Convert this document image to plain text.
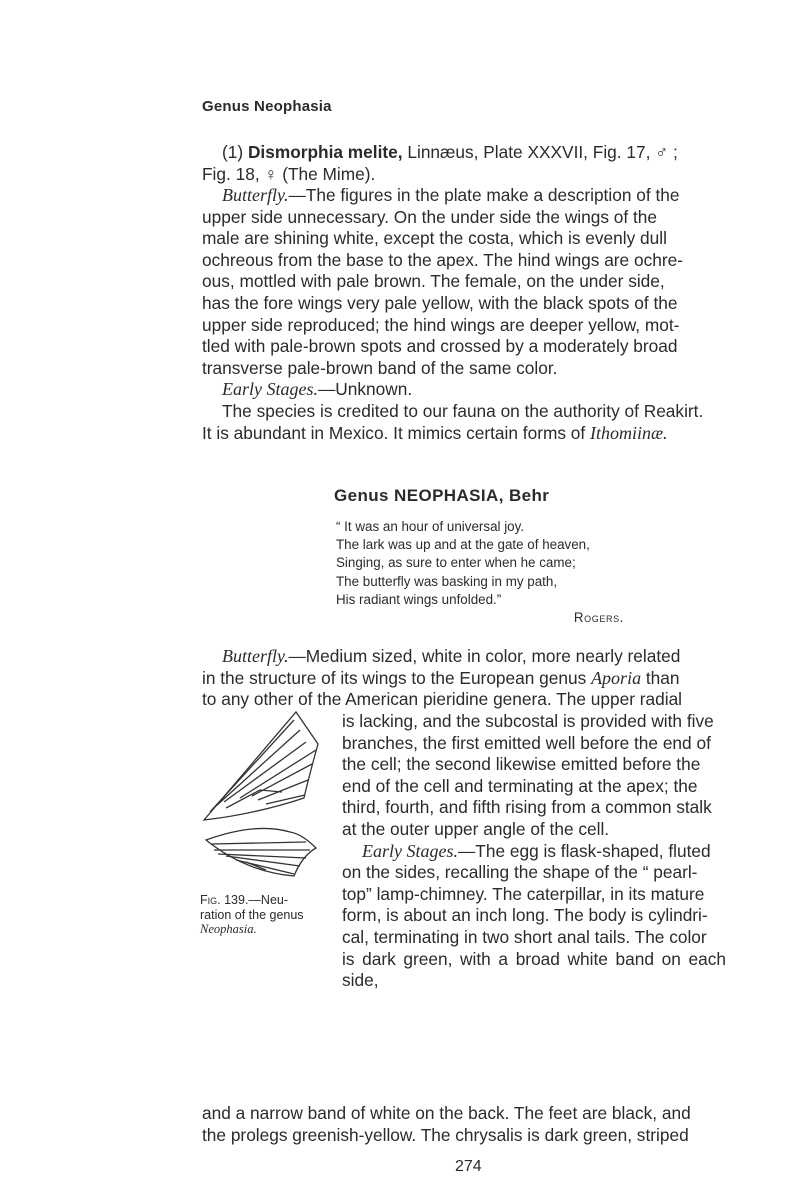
Genus Neophasia

(1) Dismorphia melite, Linnæus, Plate XXXVII, Fig. 17, ♂ ;

Fig. 18, ♀ (The Mime).

Butterfly.—The figures in the plate make a description of the

upper side unnecessary. On the under side the wings of the

male are shining white, except the costa, which is evenly dull

ochreous from the base to the apex. The hind wings are ochre-

ous, mottled with pale brown. The female, on the under side,

has the fore wings very pale yellow, with the black spots of the

upper side reproduced; the hind wings are deeper yellow, mot-

tled with pale-brown spots and crossed by a moderately broad

transverse pale-brown band of the same color.

Early Stages.—Unknown.

The species is credited to our fauna on the authority of Reakirt.

It is abundant in Mexico. It mimics certain forms of Ithomiinæ.

Genus NEOPHASIA, Behr
“ It was an hour of universal joy.
The lark was up and at the gate of heaven,
Singing, as sure to enter when he came;
The butterfly was basking in my path,
His radiant wings unfolded.”
Rogers.

Butterfly.—Medium sized, white in color, more nearly related

in the structure of its wings to the European genus Aporia than

to any other of the American pieridine genera. The upper radial

Fig. 139.—Neu-
ration of the genus
Neophasia.

is lacking, and the subcostal is provided with five

branches, the first emitted well before the end of

the cell; the second likewise emitted before the

end of the cell and terminating at the apex; the

third, fourth, and fifth rising from a common stalk

at the outer upper angle of the cell.

Early Stages.—The egg is flask-shaped, fluted

on the sides, recalling the shape of the “ pearl-

top” lamp-chimney. The caterpillar, in its mature

form, is about an inch long. The body is cylindri-

cal, terminating in two short anal tails. The color

is dark green, with a broad white band on each side,

and a narrow band of white on the back. The feet are black, and

the prolegs greenish-yellow. The chrysalis is dark green, striped

274
